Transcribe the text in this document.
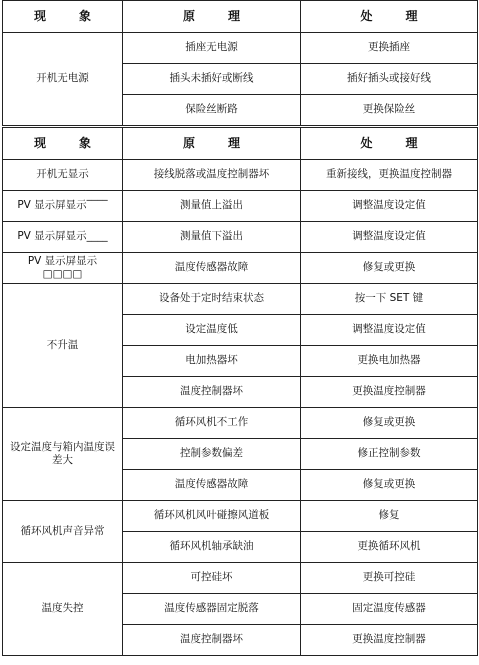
现 象	原 理	处 理
开机无电源	插座无电源	更换插座
	插头未插好或断线	插好插头或接好线
	保险丝断路	更换保险丝
现 象	原 理	处 理
开机无显示	接线脱落或温度控制器坏	重新接线，更换温度控制器
PV 显示屏显示‾‾‾‾	测量值上溢出	调整温度设定值
PV 显示屏显示____	测量值下溢出	调整温度设定值
PV 显示屏显示□□□□	温度传感器故障	修复或更换
不升温	设备处于定时结束状态	按一下 SET 键
	设定温度低	调整温度设定值
	电加热器坏	更换电加热器
	温度控制器坏	更换温度控制器
设定温度与箱内温度误差大	循环风机不工作	修复或更换
	控制参数偏差	修正控制参数
	温度传感器故障	修复或更换
循环风机声音异常	循环风机风叶碰擦风道板	修复
	循环风机轴承缺油	更换循环风机
温度失控	可控硅坏	更换可控硅
	温度传感器固定脱落	固定温度传感器
	温度控制器坏	更换温度控制器
